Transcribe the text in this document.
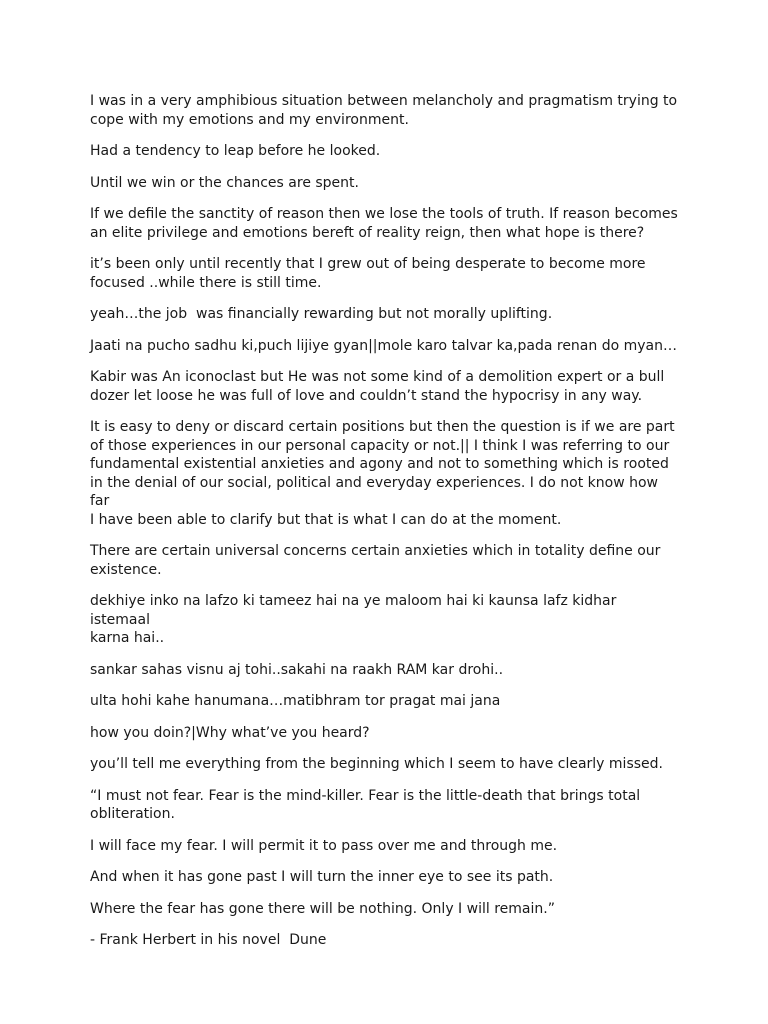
I was in a very amphibious situation between melancholy and pragmatism trying to
cope with my emotions and my environment.

Had a tendency to leap before he looked.

Until we win or the chances are spent.

If we defile the sanctity of reason then we lose the tools of truth. If reason becomes
an elite privilege and emotions bereft of reality reign, then what hope is there?

it’s been only until recently that I grew out of being desperate to become more
focused ..while there is still time.

yeah…the job  was financially rewarding but not morally uplifting.

Jaati na pucho sadhu ki,puch lijiye gyan||mole karo talvar ka,pada renan do myan…

Kabir was An iconoclast but He was not some kind of a demolition expert or a bull
dozer let loose he was full of love and couldn’t stand the hypocrisy in any way.

It is easy to deny or discard certain positions but then the question is if we are part
of those experiences in our personal capacity or not.|| I think I was referring to our
fundamental existential anxieties and agony and not to something which is rooted
in the denial of our social, political and everyday experiences. I do not know how far
I have been able to clarify but that is what I can do at the moment.

There are certain universal concerns certain anxieties which in totality define our
existence.

dekhiye inko na lafzo ki tameez hai na ye maloom hai ki kaunsa lafz kidhar istemaal
karna hai..

sankar sahas visnu aj tohi..sakahi na raakh RAM kar drohi..

ulta hohi kahe hanumana…matibhram tor pragat mai jana

how you doin?|Why what’ve you heard?

you’ll tell me everything from the beginning which I seem to have clearly missed.

“I must not fear. Fear is the mind-killer. Fear is the little-death that brings total
obliteration.

I will face my fear. I will permit it to pass over me and through me.

And when it has gone past I will turn the inner eye to see its path.

Where the fear has gone there will be nothing. Only I will remain.”

- Frank Herbert in his novel  Dune
